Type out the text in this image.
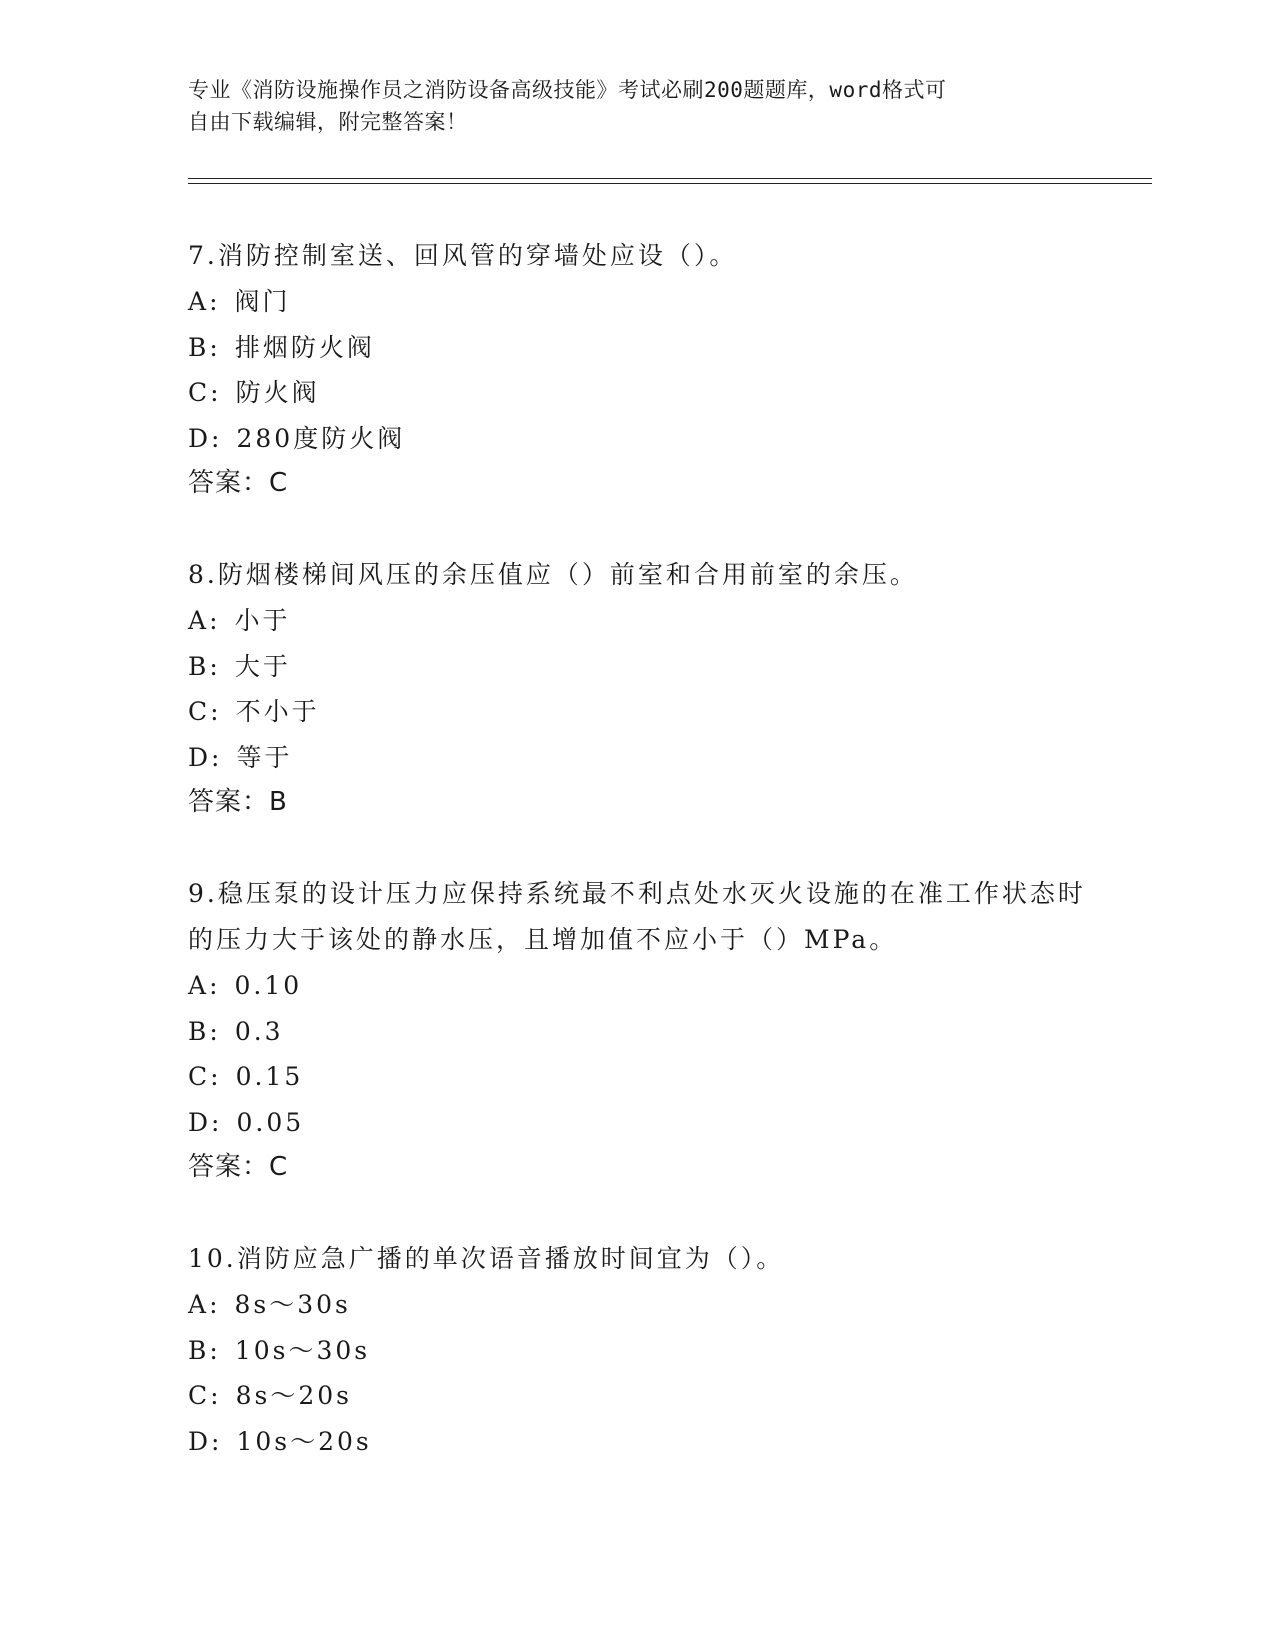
专业《消防设施操作员之消防设备高级技能》考试必刷200题题库，word格式可
自由下载编辑，附完整答案！
7.消防控制室送、回风管的穿墙处应设（）。
A: 阀门
B: 排烟防火阀
C: 防火阀
D: 280度防火阀
答案：C
8.防烟楼梯间风压的余压值应（）前室和合用前室的余压。
A: 小于
B: 大于
C: 不小于
D: 等于
答案：B
9.稳压泵的设计压力应保持系统最不利点处水灭火设施的在准工作状态时的压力大于该处的静水压，且增加值不应小于（）MPa。
A: 0.10
B: 0.3
C: 0.15
D: 0.05
答案：C
10.消防应急广播的单次语音播放时间宜为（）。
A: 8s～30s
B: 10s～30s
C: 8s～20s
D: 10s～20s
